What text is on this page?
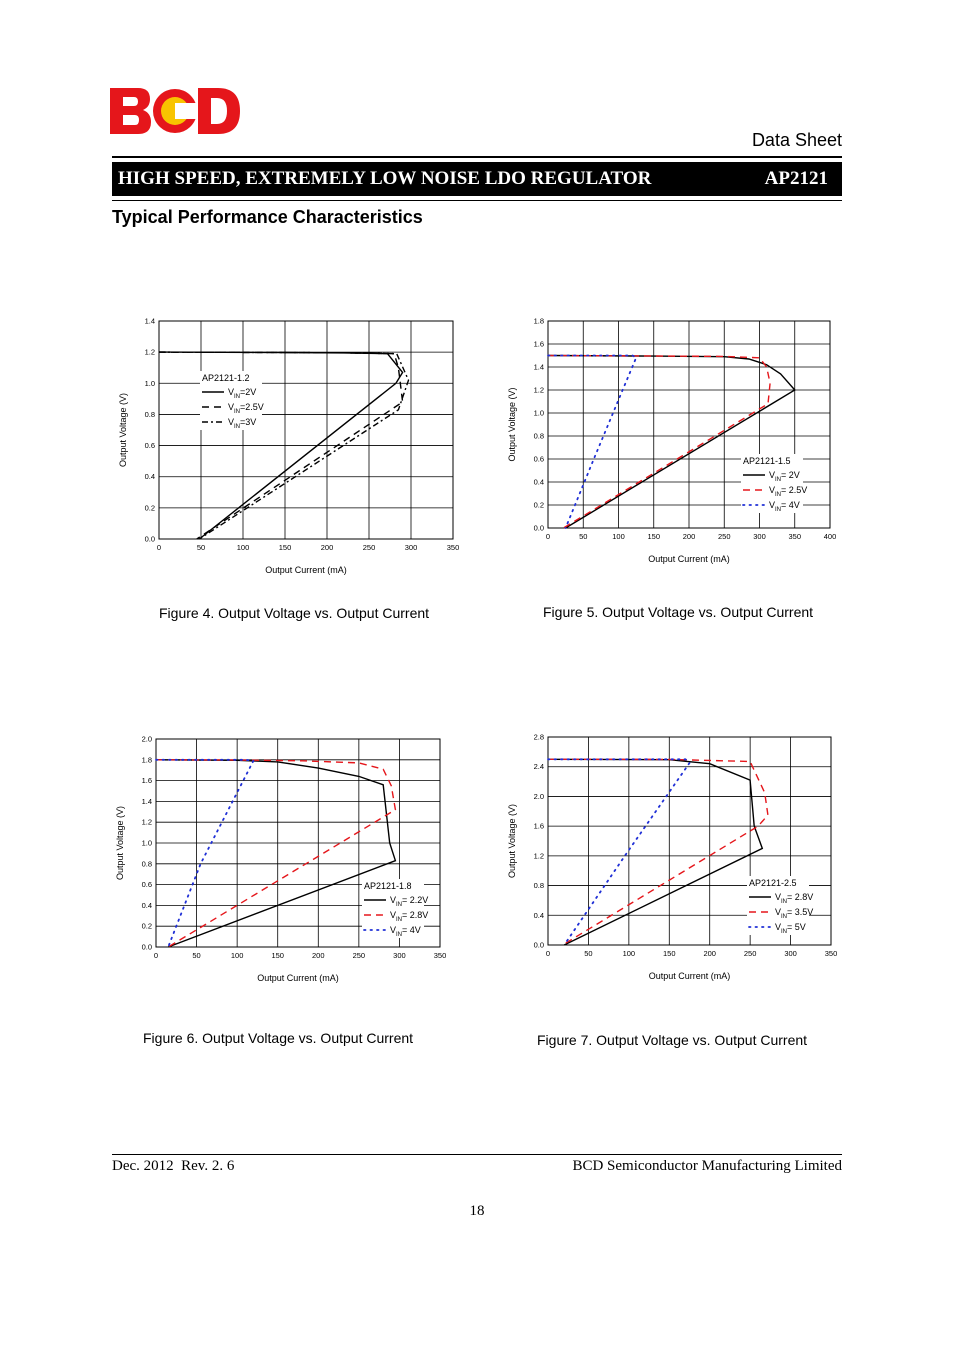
Data Sheet
HIGH SPEED, EXTREMELY LOW NOISE LDO REGULATOR	AP2121
Typical Performance Characteristics
0	50	100	150	200	250	300	350
0.0
0.2
0.4
0.6
0.8
1.0
1.2
1.4
Output Current (mA)
Output Voltage (V)
AP2121-1.2
$V_{IN}=2V$
$V_{IN}=2.5V$
$V_{IN}=3V$
0	50	100	150	200	250	300	350	400
0.0
0.2
0.4
0.6
0.8
1.0
1.2
1.4
1.6
1.8
Output Current (mA)
Output Voltage (V)	AP2121-1.5
$V_{IN}= 2V$
$V_{IN}= 2.5V$
$V_{IN}= 4V$
0	50	100	150	200	250	300	350
0.0
0.2
0.4
0.6
0.8
1.0
1.2
1.4
1.6
1.8
2.0
Output Current (mA)
Output Voltage (V)
AP2121-1.8
$V_{IN}= 2.2V$
$V_{IN}= 2.8V$
$V_{IN}= 4V$
0	50	100	150	200	250	300	350
0.0
0.4
0.8
1.2
1.6
2.0
2.4
2.8
Output Current (mA)
Output Voltage (V)
AP2121-2.5
$V_{IN}= 2.8V$
$V_{IN}= 3.5V$
$V_{IN}= 5V$
Figure 4. Output Voltage vs. Output Current	Figure 5. Output Voltage vs. Output Current
Figure 6. Output Voltage vs. Output Current	Figure 7. Output Voltage vs. Output Current
Dec. 2012  Rev. 2. 6	BCD Semiconductor Manufacturing Limited
18
